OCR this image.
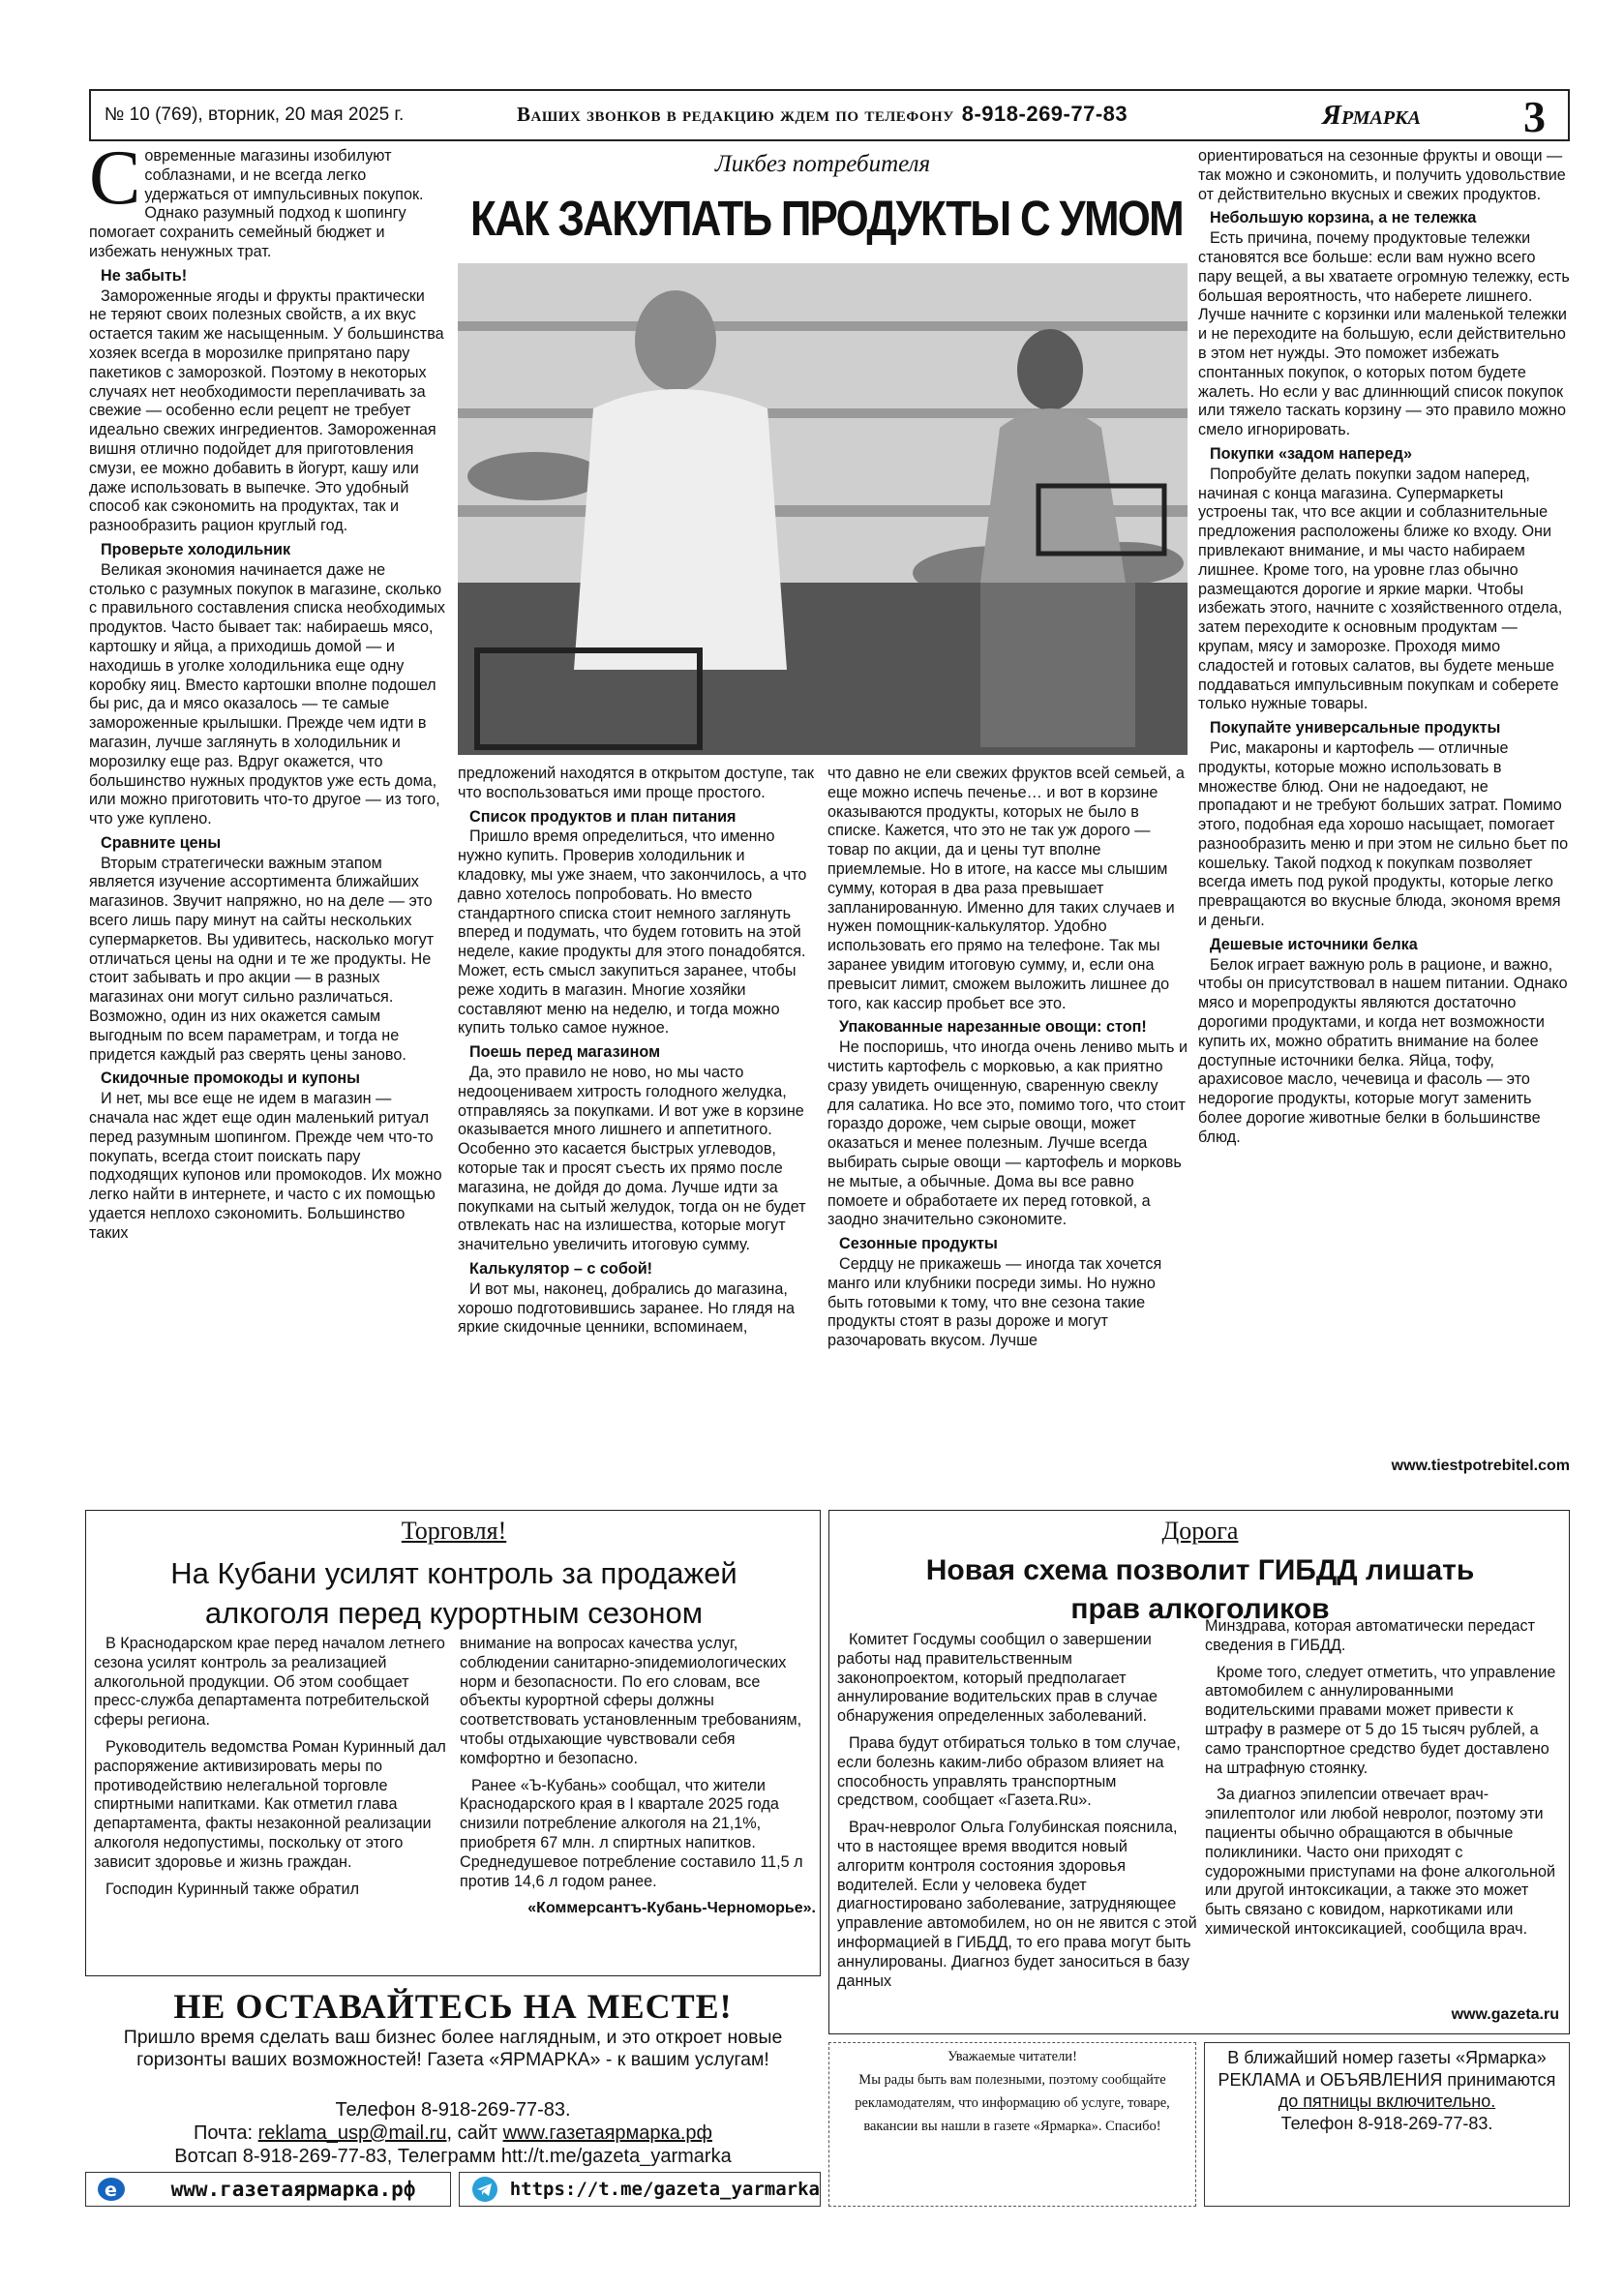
№ 10 (769), вторник, 20 мая 2025 г.	Ваших звонков в редакцию ждем по телефону 8-918-269-77-83	Ярмарка 3
Ликбез потребителя
КАК ЗАКУПАТЬ ПРОДУКТЫ С УМОМ

Современные магазины изобилуют соблазнами, и не всегда легко удержаться от импульсивных покупок. Однако разумный подход к шопингу помогает сохранить семейный бюджет и избежать ненужных трат.

Не забыть!

Замороженные ягоды и фрукты практически не теряют своих полезных свойств, а их вкус остается таким же насыщенным. У большинства хозяек всегда в морозилке припрятано пару пакетиков с заморозкой. Поэтому в некоторых случаях нет необходимости переплачивать за свежие — особенно если рецепт не требует идеально свежих ингредиентов. Замороженная вишня отлично подойдет для приготовления смузи, ее можно добавить в йогурт, кашу или даже использовать в выпечке. Это удобный способ как сэкономить на продуктах, так и разнообразить рацион круглый год.

Проверьте холодильник

Великая экономия начинается даже не столько с разумных покупок в магазине, сколько с правильного составления списка необходимых продуктов. Часто бывает так: набираешь мясо, картошку и яйца, а приходишь домой — и находишь в уголке холодильника еще одну коробку яиц. Вместо картошки вполне подошел бы рис, да и мясо оказалось — те самые замороженные крылышки. Прежде чем идти в магазин, лучше заглянуть в холодильник и морозилку еще раз. Вдруг окажется, что большинство нужных продуктов уже есть дома, или можно приготовить что-то другое — из того, что уже куплено.

Сравните цены

Вторым стратегически важным этапом является изучение ассортимента ближайших магазинов. Звучит напряжно, но на деле — это всего лишь пару минут на сайты нескольких супермаркетов. Вы удивитесь, насколько могут отличаться цены на одни и те же продукты. Не стоит забывать и про акции — в разных магазинах они могут сильно различаться. Возможно, один из них окажется самым выгодным по всем параметрам, и тогда не придется каждый раз сверять цены заново.

Скидочные промокоды и купоны

И нет, мы все еще не идем в магазин — сначала нас ждет еще один маленький ритуал перед разумным шопингом. Прежде чем что-то покупать, всегда стоит поискать пару подходящих купонов или промокодов. Их можно легко найти в интернете, и часто с их помощью удается неплохо сэкономить. Большинство таких

предложений находятся в открытом доступе, так что воспользоваться ими проще простого.

Список продуктов и план питания

Пришло время определиться, что именно нужно купить. Проверив холодильник и кладовку, мы уже знаем, что закончилось, а что давно хотелось попробовать. Но вместо стандартного списка стоит немного заглянуть вперед и подумать, что будем готовить на этой неделе, какие продукты для этого понадобятся. Может, есть смысл закупиться заранее, чтобы реже ходить в магазин. Многие хозяйки составляют меню на неделю, и тогда можно купить только самое нужное.

Поешь перед магазином

Да, это правило не ново, но мы часто недооцениваем хитрость голодного желудка, отправляясь за покупками. И вот уже в корзине оказывается много лишнего и аппетитного. Особенно это касается быстрых углеводов, которые так и просят съесть их прямо после магазина, не дойдя до дома. Лучше идти за покупками на сытый желудок, тогда он не будет отвлекать нас на излишества, которые могут значительно увеличить итоговую сумму.

Калькулятор – с собой!

И вот мы, наконец, добрались до магазина, хорошо подготовившись заранее. Но глядя на яркие скидочные ценники, вспоминаем,

что давно не ели свежих фруктов всей семьей, а еще можно испечь печенье… и вот в корзине оказываются продукты, которых не было в списке. Кажется, что это не так уж дорого — товар по акции, да и цены тут вполне приемлемые. Но в итоге, на кассе мы слышим сумму, которая в два раза превышает запланированную. Именно для таких случаев и нужен помощник-калькулятор. Удобно использовать его прямо на телефоне. Так мы заранее увидим итоговую сумму, и, если она превысит лимит, сможем выложить лишнее до того, как кассир пробьет все это.

Упакованные нарезанные овощи: стоп!

Не поспоришь, что иногда очень лениво мыть и чистить картофель с морковью, а как приятно сразу увидеть очищенную, сваренную свеклу для салатика. Но все это, помимо того, что стоит гораздо дороже, чем сырые овощи, может оказаться и менее полезным. Лучше всегда выбирать сырые овощи — картофель и морковь не мытые, а обычные. Дома вы все равно помоете и обработаете их перед готовкой, а заодно значительно сэкономите.

Сезонные продукты

Сердцу не прикажешь — иногда так хочется манго или клубники посреди зимы. Но нужно быть готовыми к тому, что вне сезона такие продукты стоят в разы дороже и могут разочаровать вкусом. Лучше

ориентироваться на сезонные фрукты и овощи — так можно и сэкономить, и получить удовольствие от действительно вкусных и свежих продуктов.

Небольшую корзина, а не тележка

Есть причина, почему продуктовые тележки становятся все больше: если вам нужно всего пару вещей, а вы хватаете огромную тележку, есть большая вероятность, что наберете лишнего. Лучше начните с корзинки или маленькой тележки и не переходите на большую, если действительно в этом нет нужды. Это поможет избежать спонтанных покупок, о которых потом будете жалеть. Но если у вас длиннющий список покупок или тяжело таскать корзину — это правило можно смело игнорировать.

Покупки «задом наперед»

Попробуйте делать покупки задом наперед, начиная с конца магазина. Супермаркеты устроены так, что все акции и соблазнительные предложения расположены ближе ко входу. Они привлекают внимание, и мы часто набираем лишнее. Кроме того, на уровне глаз обычно размещаются дорогие и яркие марки. Чтобы избежать этого, начните с хозяйственного отдела, затем переходите к основным продуктам — крупам, мясу и заморозке. Проходя мимо сладостей и готовых салатов, вы будете меньше поддаваться импульсивным покупкам и соберете только нужные товары.

Покупайте универсальные продукты

Рис, макароны и картофель — отличные продукты, которые можно использовать в множестве блюд. Они не надоедают, не пропадают и не требуют больших затрат. Помимо этого, подобная еда хорошо насыщает, помогает разнообразить меню и при этом не сильно бьет по кошельку. Такой подход к покупкам позволяет всегда иметь под рукой продукты, которые легко превращаются во вкусные блюда, экономя время и деньги.

Дешевые источники белка

Белок играет важную роль в рационе, и важно, чтобы он присутствовал в нашем питании. Однако мясо и морепродукты являются достаточно дорогими продуктами, и когда нет возможности купить их, можно обратить внимание на более доступные источники белка. Яйца, тофу, арахисовое масло, чечевица и фасоль — это недорогие продукты, которые могут заменить более дорогие животные белки в большинстве блюд.

www.tiestpotrebitel.com
Торговля!
На Кубани усилят контроль за продажей алкоголя перед курортным сезоном

В Краснодарском крае перед началом летнего сезона усилят контроль за реализацией алкогольной продукции. Об этом сообщает пресс-служба департамента потребительской сферы региона.

Руководитель ведомства Роман Куринный дал распоряжение активизировать меры по противодействию нелегальной торговле спиртными напитками. Как отметил глава департамента, факты незаконной реализации алкоголя недопустимы, поскольку от этого зависит здоровье и жизнь граждан.

Господин Куринный также обратил

внимание на вопросах качества услуг, соблюдении санитарно-эпидемиологических норм и безопасности. По его словам, все объекты курортной сферы должны соответствовать установленным требованиям, чтобы отдыхающие чувствовали себя комфортно и безопасно.

Ранее «Ъ-Кубань» сообщал, что жители Краснодарского края в I квартале 2025 года снизили потребление алкоголя на 21,1%, приобретя 67 млн. л спиртных напитков. Среднедушевое потребление составило 11,5 л против 14,6 л годом ранее.

«Коммерсантъ-Кубань-Черноморье».
Дорога
Новая схема позволит ГИБДД лишать прав алкоголиков

Комитет Госдумы сообщил о завершении работы над правительственным законопроектом, который предполагает аннулирование водительских прав в случае обнаружения определенных заболеваний.

Права будут отбираться только в том случае, если болезнь каким-либо образом влияет на способность управлять транспортным средством, сообщает «Газета.Ru».

Врач-невролог Ольга Голубинская пояснила, что в настоящее время вводится новый алгоритм контроля состояния здоровья водителей. Если у человека будет диагностировано заболевание, затрудняющее управление автомобилем, но он не явится с этой информацией в ГИБДД, то его права могут быть аннулированы. Диагноз будет заноситься в базу данных

Минздрава, которая автоматически передаст сведения в ГИБДД.

Кроме того, следует отметить, что управление автомобилем с аннулированными водительскими правами может привести к штрафу в размере от 5 до 15 тысяч рублей, а само транспортное средство будет доставлено на штрафную стоянку.

За диагноз эпилепсии отвечает врач-эпилептолог или любой невролог, поэтому эти пациенты обычно обращаются в обычные поликлиники. Часто они приходят с судорожными приступами на фоне алкогольной или другой интоксикации, а также это может быть связано с ковидом, наркотиками или химической интоксикацией, сообщила врач.

www.gazeta.ru
НЕ ОСТАВАЙТЕСЬ НА МЕСТЕ!
Пришло время сделать ваш бизнес более наглядным, и это откроет новые горизонты ваших возможностей! Газета «ЯРМАРКА» - к вашим услугам!
Телефон 8-918-269-77-83.
Почта: reklama_usp@mail.ru, сайт www.газетаярмарка.рф
Вотсап 8-918-269-77-83, Телеграмм htt://t.me/gazeta_yarmarka
e	www.газетаярмарка.рф	https://t.me/gazeta_yarmarka
Уважаемые читатели!
Мы рады быть вам полезными, поэтому сообщайте рекламодателям, что информацию об услуге, товаре, вакансии вы нашли в газете «Ярмарка». Спасибо!
В ближайший номер газеты «Ярмарка» РЕКЛАМА и ОБЪЯВЛЕНИЯ принимаются
до пятницы включительно.
Телефон 8-918-269-77-83.
